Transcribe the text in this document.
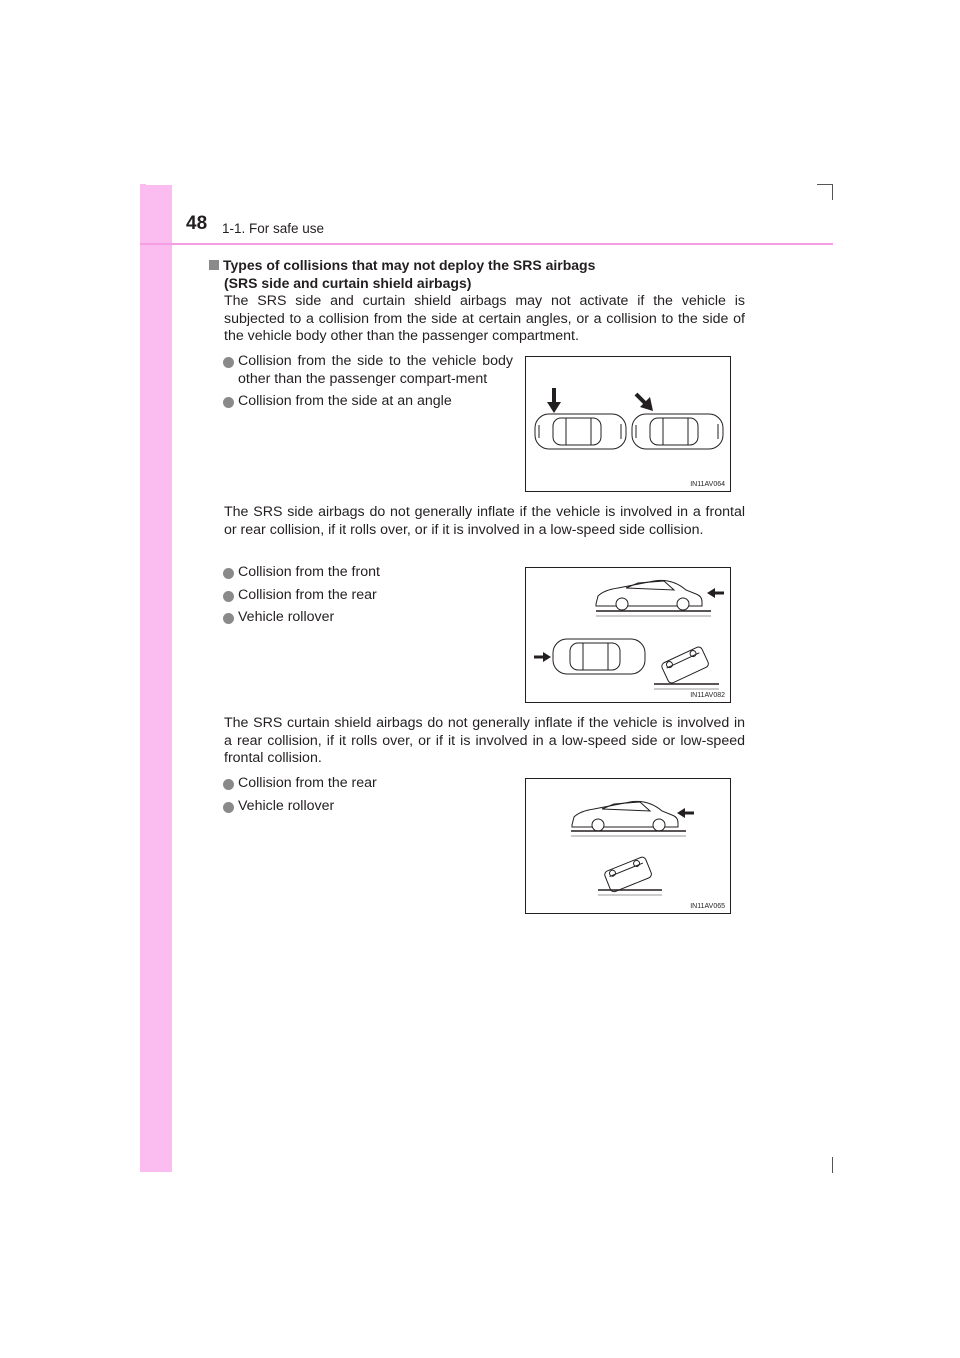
48 1-1. For safe use
Types of collisions that may not deploy the SRS airbags
(SRS side and curtain shield airbags)
The SRS side and curtain shield airbags may not activate if the vehicle is subjected to a collision from the side at certain angles, or a collision to the side of the vehicle body other than the passenger compartment.
Collision from the side to the vehicle body other than the passenger compart-ment
Collision from the side at an angle
IN11AV064
The SRS side airbags do not generally inflate if the vehicle is involved in a frontal or rear collision, if it rolls over, or if it is involved in a low-speed side collision.
Collision from the front
Collision from the rear
Vehicle rollover
IN11AV082
The SRS curtain shield airbags do not generally inflate if the vehicle is involved in a rear collision, if it rolls over, or if it is involved in a low-speed side or low-speed frontal collision.
Collision from the rear
Vehicle rollover
IN11AV065
